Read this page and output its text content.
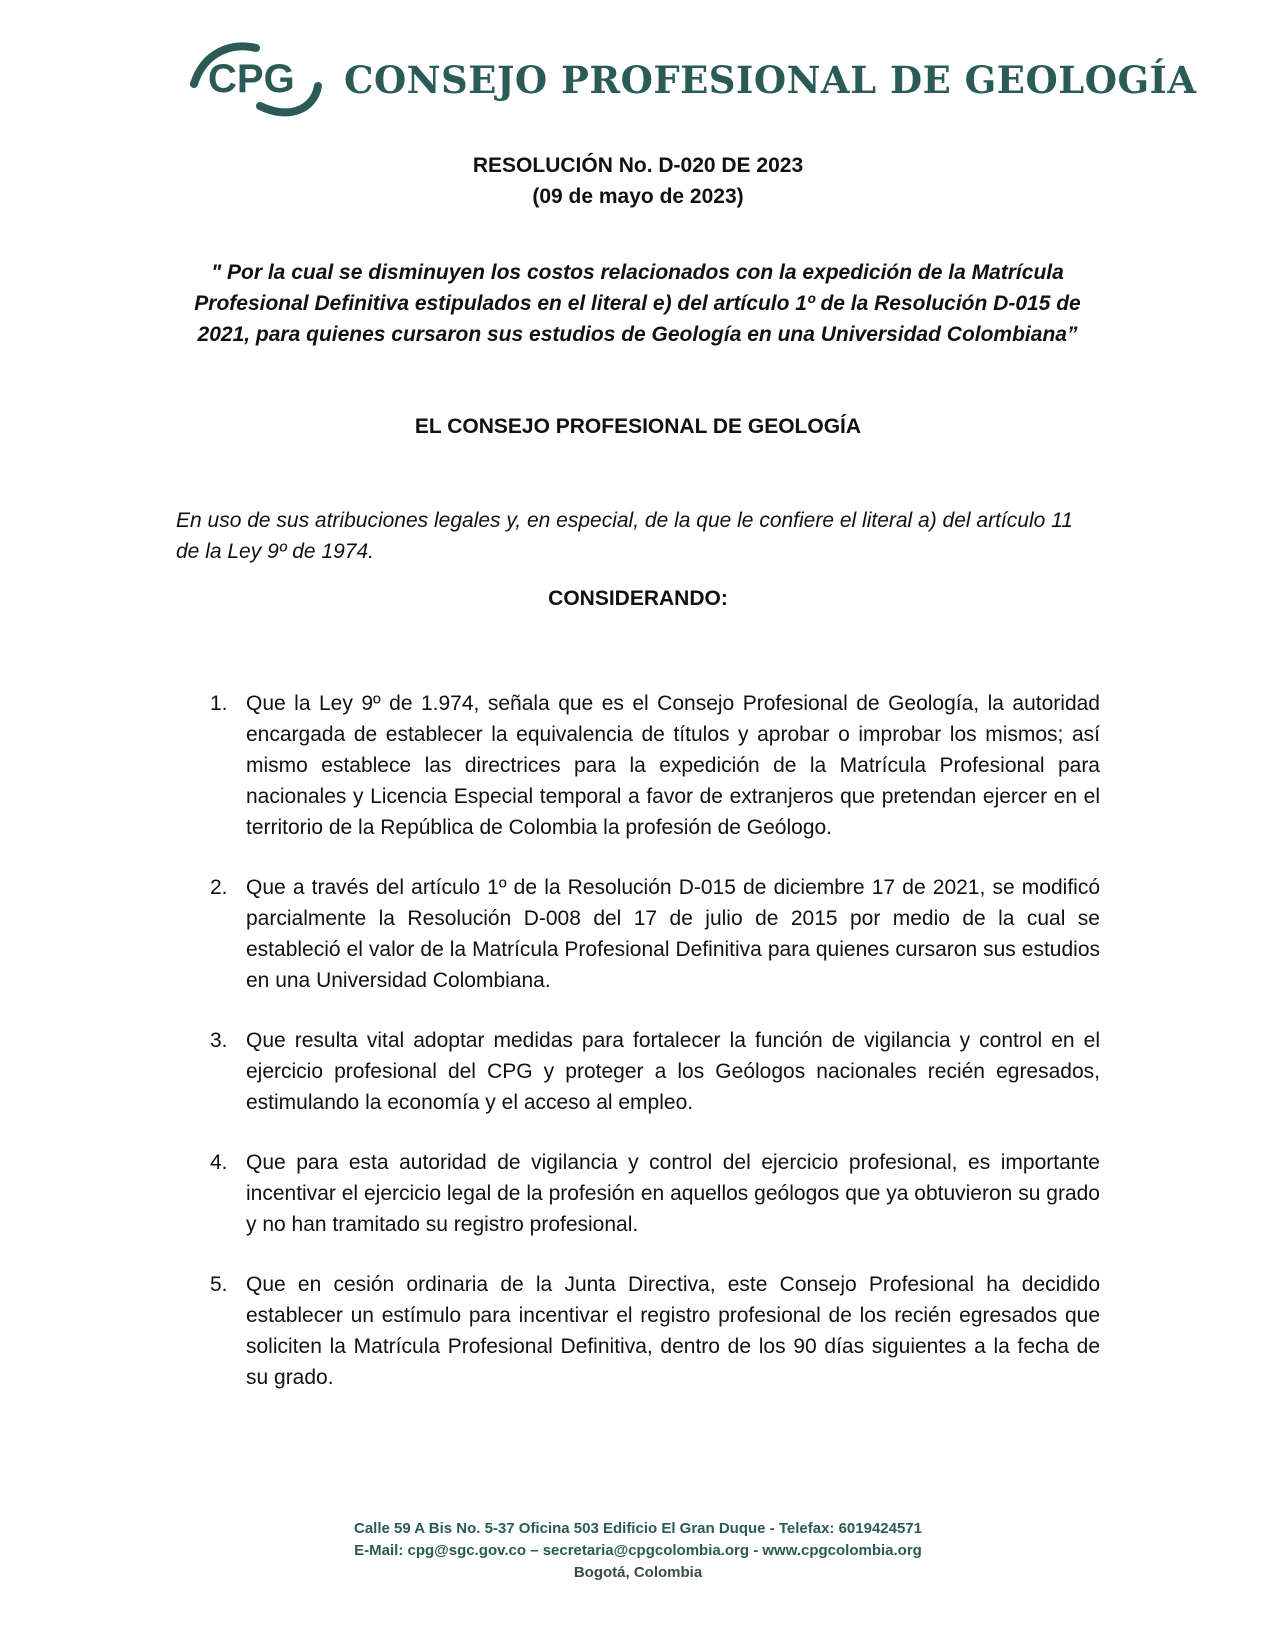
CPG CONSEJO PROFESIONAL DE GEOLOGÍA
RESOLUCIÓN No. D-020 DE 2023
(09 de mayo de 2023)

" Por la cual se disminuyen los costos relacionados con la expedición de la Matrícula Profesional Definitiva estipulados en el literal e) del artículo 1º de la Resolución D-015 de 2021, para quienes cursaron sus estudios de Geología en una Universidad Colombiana”

EL CONSEJO PROFESIONAL DE GEOLOGÍA

En uso de sus atribuciones legales y, en especial, de la que le confiere el literal a) del artículo 11 de la Ley 9º de 1974.

CONSIDERANDO:
1. Que la Ley 9º de 1.974, señala que es el Consejo Profesional de Geología, la autoridad encargada de establecer la equivalencia de títulos y aprobar o improbar los mismos; así mismo establece las directrices para la expedición de la Matrícula Profesional para nacionales y Licencia Especial temporal a favor de extranjeros que pretendan ejercer en el territorio de la República de Colombia la profesión de Geólogo.
2. Que a través del artículo 1º de la Resolución D-015 de diciembre 17 de 2021, se modificó parcialmente la Resolución D-008 del 17 de julio de 2015 por medio de la cual se estableció el valor de la Matrícula Profesional Definitiva para quienes cursaron sus estudios en una Universidad Colombiana.
3. Que resulta vital adoptar medidas para fortalecer la función de vigilancia y control en el ejercicio profesional del CPG y proteger a los Geólogos nacionales recién egresados, estimulando la economía y el acceso al empleo.
4. Que para esta autoridad de vigilancia y control del ejercicio profesional, es importante incentivar el ejercicio legal de la profesión en aquellos geólogos que ya obtuvieron su grado y no han tramitado su registro profesional.
5. Que en cesión ordinaria de la Junta Directiva, este Consejo Profesional ha decidido establecer un estímulo para incentivar el registro profesional de los recién egresados que soliciten la Matrícula Profesional Definitiva, dentro de los 90 días siguientes a la fecha de su grado.
Calle 59 A Bis No. 5-37 Oficina 503 Edificio El Gran Duque - Telefax: 6019424571
E-Mail: cpg@sgc.gov.co – secretaria@cpgcolombia.org - www.cpgcolombia.org
Bogotá, Colombia
